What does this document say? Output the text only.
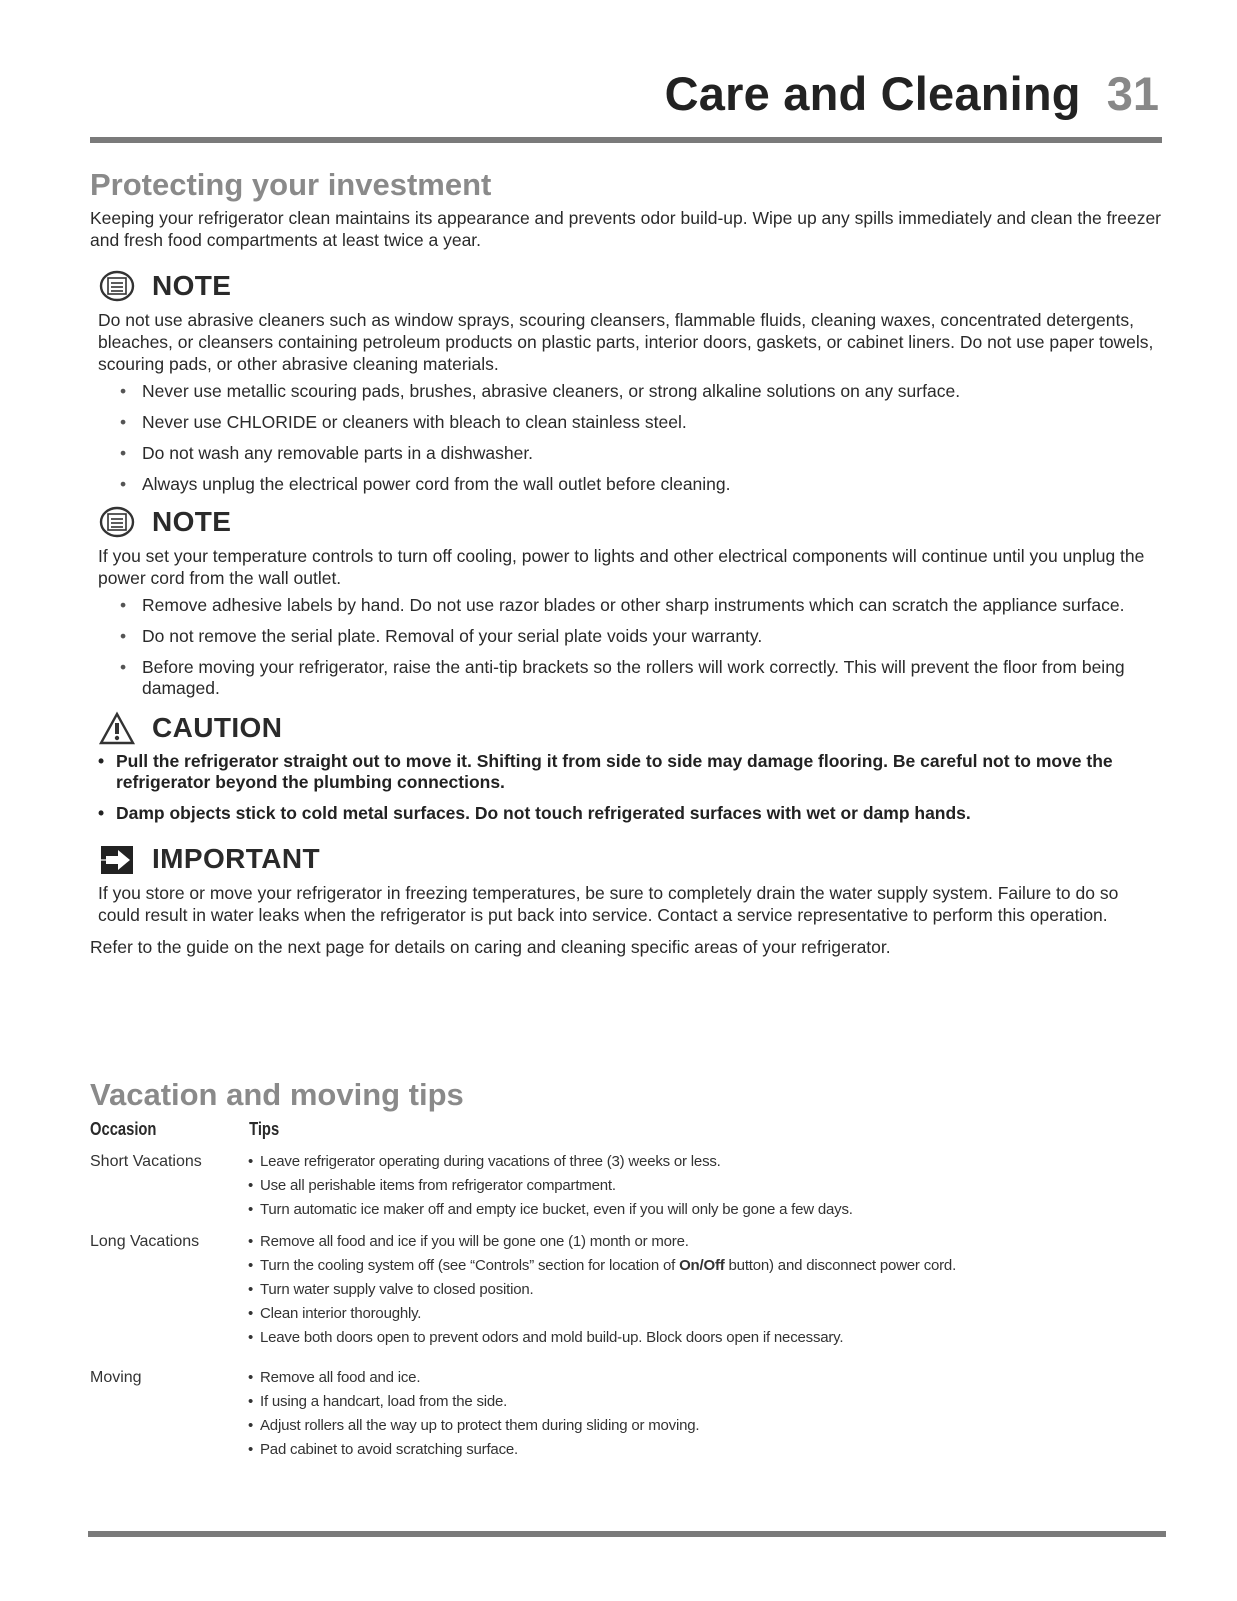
Care and Cleaning 31
Protecting your investment

Keeping your refrigerator clean maintains its appearance and prevents odor build-up. Wipe up any spills immediately and clean the freezer and fresh food compartments at least twice a year.

NOTE

Do not use abrasive cleaners such as window sprays, scouring cleansers, flammable fluids, cleaning waxes, concentrated detergents, bleaches, or cleansers containing petroleum products on plastic parts, interior doors, gaskets, or cabinet liners. Do not use paper towels, scouring pads, or other abrasive cleaning materials.

• Never use metallic scouring pads, brushes, abrasive cleaners, or strong alkaline solutions on any surface.
• Never use CHLORIDE or cleaners with bleach to clean stainless steel.
• Do not wash any removable parts in a dishwasher.
• Always unplug the electrical power cord from the wall outlet before cleaning.
NOTE

If you set your temperature controls to turn off cooling, power to lights and other electrical components will continue until you unplug the power cord from the wall outlet.

• Remove adhesive labels by hand. Do not use razor blades or other sharp instruments which can scratch the appliance surface.
• Do not remove the serial plate. Removal of your serial plate voids your warranty.
• Before moving your refrigerator, raise the anti-tip brackets so the rollers will work correctly. This will prevent the floor from being damaged.
CAUTION
• Pull the refrigerator straight out to move it. Shifting it from side to side may damage flooring. Be careful not to move the refrigerator beyond the plumbing connections.
• Damp objects stick to cold metal surfaces. Do not touch refrigerated surfaces with wet or damp hands.
IMPORTANT

If you store or move your refrigerator in freezing temperatures, be sure to completely drain the water supply system. Failure to do so could result in water leaks when the refrigerator is put back into service. Contact a service representative to perform this operation.

Refer to the guide on the next page for details on caring and cleaning specific areas of your refrigerator.

Vacation and moving tips
Occasion	Tips
Short Vacations	• Leave refrigerator operating during vacations of three (3) weeks or less.
• Use all perishable items from refrigerator compartment.
• Turn automatic ice maker off and empty ice bucket, even if you will only be gone a few days.
Long Vacations	• Remove all food and ice if you will be gone one (1) month or more.
• Turn the cooling system off (see “Controls” section for location of On/Off button) and disconnect power cord.
• Turn water supply valve to closed position.
• Clean interior thoroughly.
• Leave both doors open to prevent odors and mold build-up. Block doors open if necessary.
Moving	• Remove all food and ice.
• If using a handcart, load from the side.
• Adjust rollers all the way up to protect them during sliding or moving.
• Pad cabinet to avoid scratching surface.
